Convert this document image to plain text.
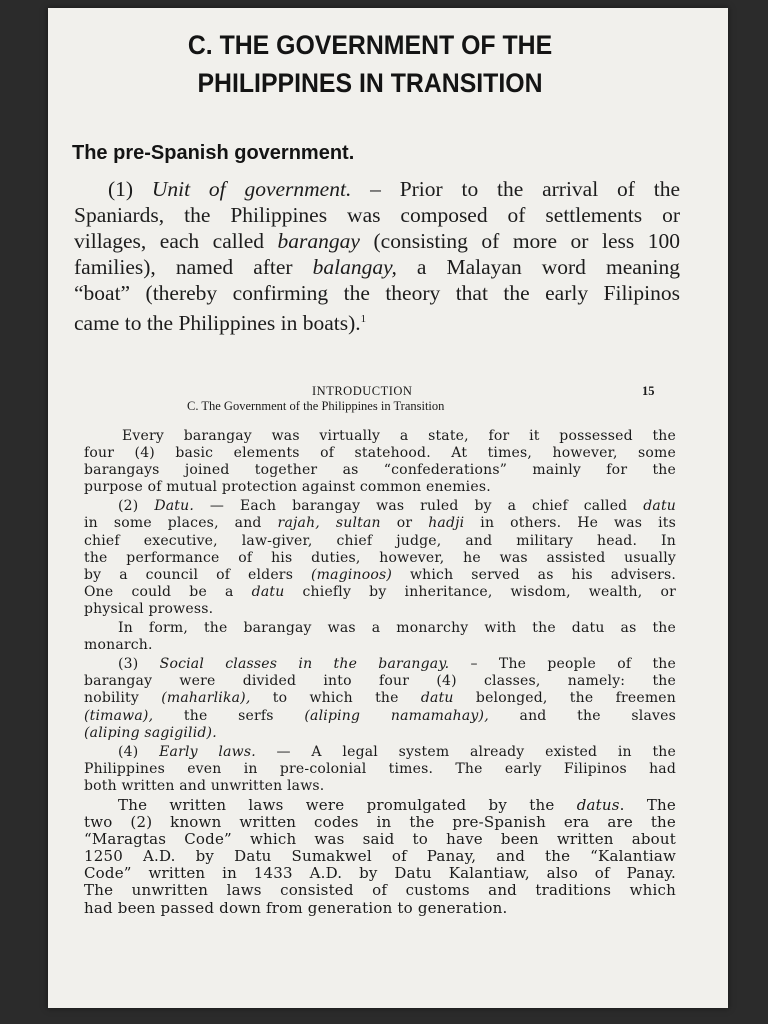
C. THE GOVERNMENT OF THE
PHILIPPINES IN TRANSITION
The pre-Spanish government.
(1) Unit of government. – Prior to the arrival of the
Spaniards, the Philippines was composed of settlements or
villages, each called barangay (consisting of more or less 100
families), named after balangay, a Malayan word meaning
“boat” (thereby confirming the theory that the early Filipinos
came to the Philippines in boats).$^1$
INTRODUCTION	15
C. The Government of the Philippines in Transition
Every barangay was virtually a state, for it possessed the
four (4) basic elements of statehood. At times, however, some
barangays joined together as “confederations” mainly for the
purpose of mutual protection against common enemies.
(2) Datu. — Each barangay was ruled by a chief called datu
in some places, and rajah, sultan or hadji in others. He was its
chief executive, law-giver, chief judge, and military head. In
the performance of his duties, however, he was assisted usually
by a council of elders (maginoos) which served as his advisers.
One could be a datu chiefly by inheritance, wisdom, wealth, or
physical prowess.
In form, the barangay was a monarchy with the datu as the
monarch.
(3) Social classes in the barangay. – The people of the
barangay were divided into four (4) classes, namely: the
nobility (maharlika), to which the datu belonged, the freemen
(timawa), the serfs (aliping namamahay), and the slaves
(aliping sagigilid).
(4) Early laws. — A legal system already existed in the
Philippines even in pre-colonial times. The early Filipinos had
both written and unwritten laws.
The written laws were promulgated by the datus. The
two (2) known written codes in the pre-Spanish era are the
“Maragtas Code” which was said to have been written about
1250 A.D. by Datu Sumakwel of Panay, and the “Kalantiaw
Code” written in 1433 A.D. by Datu Kalantiaw, also of Panay.
The unwritten laws consisted of customs and traditions which
had been passed down from generation to generation.
